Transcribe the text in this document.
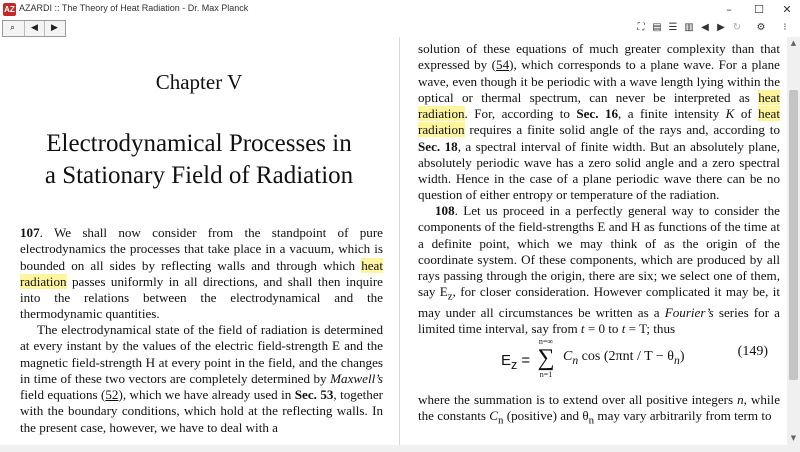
AZ AZARDI :: The Theory of Heat Radiation - Dr. Max Planck	–	☐	✕
⌕	◀	▶	⛶ ▤ ☰ ▥ ◀ ▶ ↻ ⚙	⁝
Chapter V
Electrodynamical Processes in
a Stationary Field of Radiation
107. We shall now consider from the standpoint of pure electrodynamics the processes that take place in a vacuum, which is bounded on all sides by reflecting walls and through which heat radiation passes uniformly in all directions, and shall then inquire into the relations between the electrodynamical and the thermodynamic quantities.
The electrodynamical state of the field of radiation is determined at every instant by the values of the electric field-strength E and the magnetic field-strength H at every point in the field, and the changes in time of these two vectors are completely determined by Maxwell’s field equations (52), which we have already used in Sec. 53, together with the boundary conditions, which hold at the reflecting walls. In the present case, however, we have to deal with a
solution of these equations of much greater complexity than that expressed by (54), which corresponds to a plane wave. For a plane wave, even though it be periodic with a wave length lying within the optical or thermal spectrum, can never be interpreted as heat radiation. For, according to Sec. 16, a finite intensity K of heat radiation requires a finite solid angle of the rays and, according to Sec. 18, a spectral interval of finite width. But an absolutely plane, absolutely periodic wave has a zero solid angle and a zero spectral width. Hence in the case of a plane periodic wave there can be no question of either entropy or temperature of the radiation.
108. Let us proceed in a perfectly general way to consider the components of the field-strengths E and H as functions of the time at a definite point, which we may think of as the origin of the coordinate system. Of these components, which are produced by all rays passing through the origin, there are six; we select one of them, say $E_z$, for closer consideration. However complicated it may be, it may under all circumstances be written as a Fourier’s series for a limited time interval, say from t = 0 to t = T; thus
$E_z$ =
n=∞
∑
n=1
$C_n$ $\cos (2\pi nt / T - \theta_n)$	(149)
where the summation is to extend over all positive integers n, while the constants $C_n$ (positive) and $\theta_n$ may vary arbitrarily from term to
▲
▼
